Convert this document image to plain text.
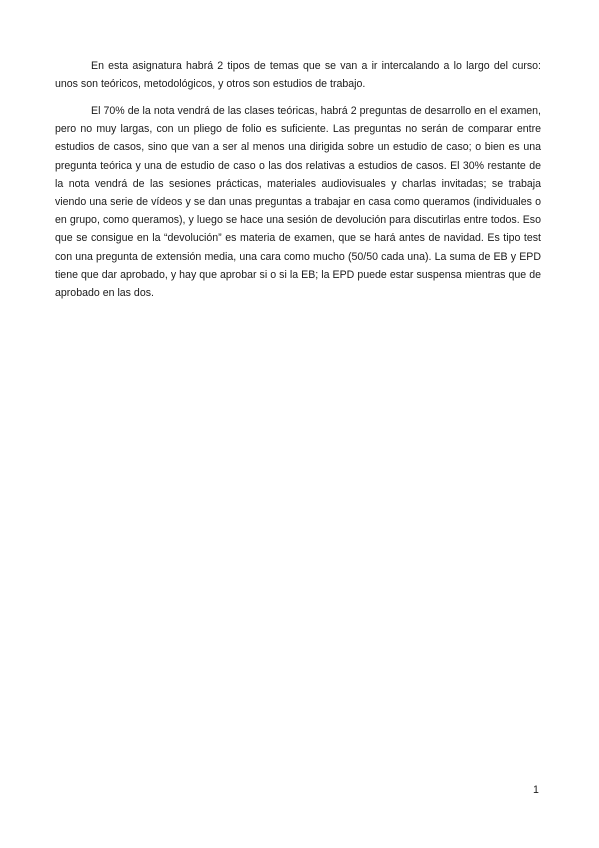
En esta asignatura habrá 2 tipos de temas que se van a ir intercalando a lo largo del curso: unos son teóricos, metodológicos, y otros son estudios de trabajo.

El 70% de la nota vendrá de las clases teóricas, habrá 2 preguntas de desarrollo en el examen, pero no muy largas, con un pliego de folio es suficiente. Las preguntas no serán de comparar entre estudios de casos, sino que van a ser al menos una dirigida sobre un estudio de caso; o bien es una pregunta teórica y una de estudio de caso o las dos relativas a estudios de casos. El 30% restante de la nota vendrá de las sesiones prácticas, materiales audiovisuales y charlas invitadas; se trabaja viendo una serie de vídeos y se dan unas preguntas a trabajar en casa como queramos (individuales o en grupo, como queramos), y luego se hace una sesión de devolución para discutirlas entre todos. Eso que se consigue en la “devolución” es materia de examen, que se hará antes de navidad. Es tipo test con una pregunta de extensión media, una cara como mucho (50/50 cada una). La suma de EB y EPD tiene que dar aprobado, y hay que aprobar si o si la EB; la EPD puede estar suspensa mientras que de aprobado en las dos.

1
